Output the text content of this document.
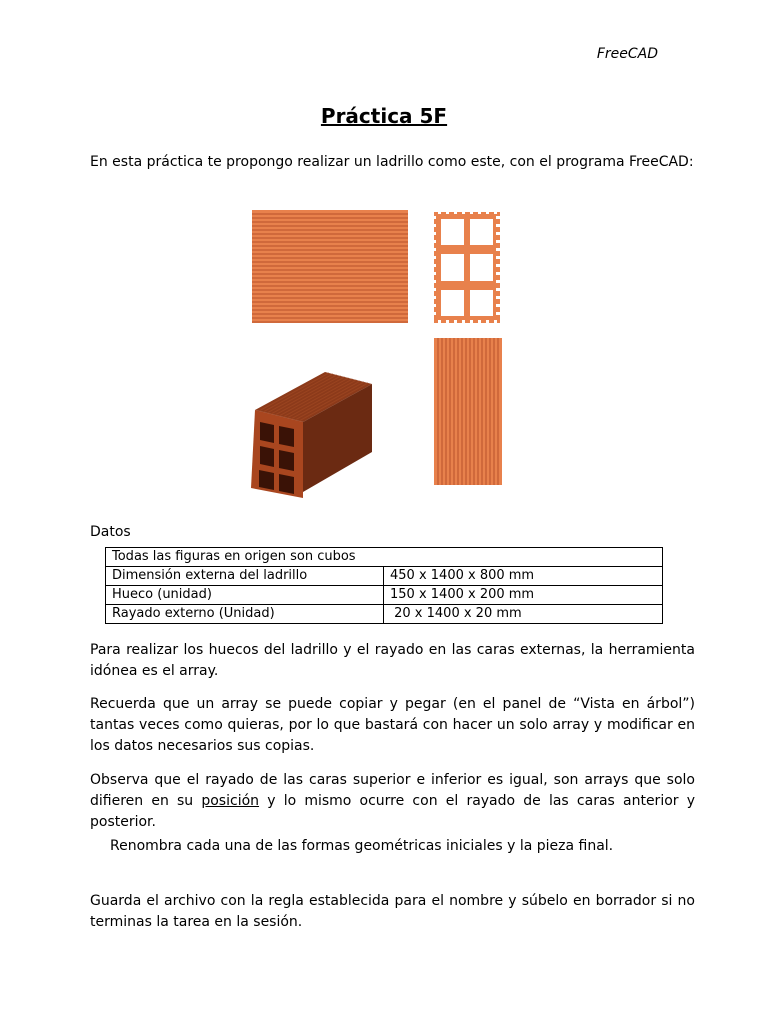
FreeCAD
Práctica 5F

En esta práctica te propongo realizar un ladrillo como este, con el programa FreeCAD:

Datos
Todas las figuras en origen son cubos	
Dimensión externa del ladrillo	450 x 1400 x 800 mm
Hueco (unidad)	150 x 1400 x 200 mm
Rayado externo (Unidad)	20 x 1400 x 20 mm

Para realizar los huecos del ladrillo y el rayado en las caras externas, la herramienta idónea es el array.

Recuerda que un array se puede copiar y pegar (en el panel de “Vista en árbol”) tantas veces como quieras, por lo que bastará con hacer un solo array y modificar en los datos necesarios sus copias.

Observa que el rayado de las caras superior e inferior es igual, son arrays que solo difieren en su posición y lo mismo ocurre con el rayado de las caras anterior y posterior.

Renombra cada una de las formas geométricas iniciales y la pieza final.

Guarda el archivo con la regla establecida para el nombre y súbelo en borrador si no terminas la tarea en la sesión.
